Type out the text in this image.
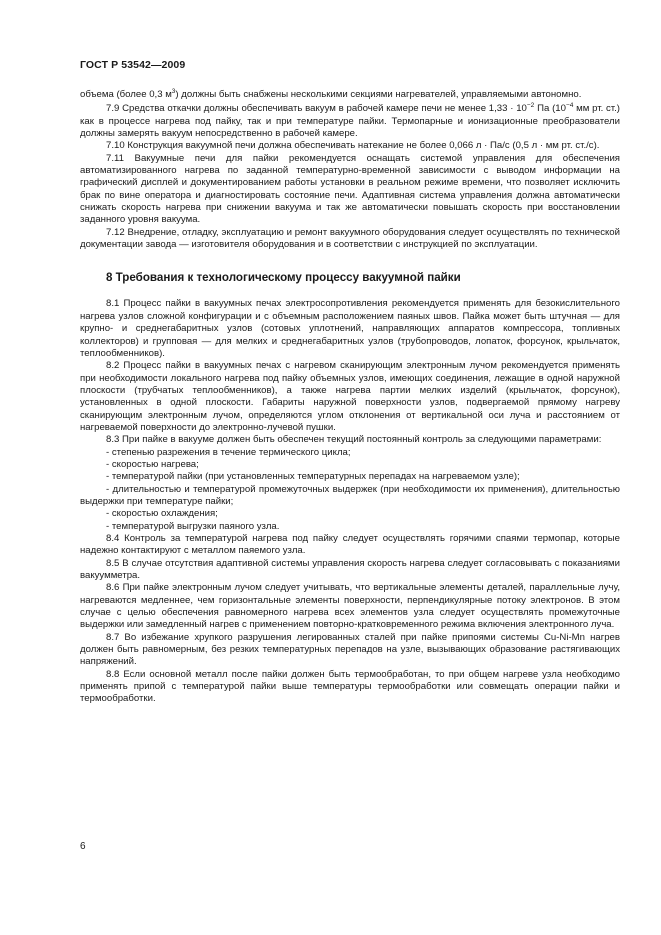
ГОСТ Р 53542—2009

объема (более 0,3 $м^3$) должны быть снабжены несколькими секциями нагревателей, управляемыми автономно.

7.9 Средства откачки должны обеспечивать вакуум в рабочей камере печи не менее $1,33 \cdot 10^{-2}$ Па ($10^{-4}$ мм рт. ст.) как в процессе нагрева под пайку, так и при температуре пайки. Термопарные и ионизационные преобразователи должны замерять вакуум непосредственно в рабочей камере.

7.10 Конструкция вакуумной печи должна обеспечивать натекание не более 0,066 л · Па/с (0,5 л · мм рт. ст./с).

7.11 Вакуумные печи для пайки рекомендуется оснащать системой управления для обеспечения автоматизированного нагрева по заданной температурно-временной зависимости с выводом информации на графический дисплей и документированием работы установки в реальном режиме времени, что позволяет исключить брак по вине оператора и диагностировать состояние печи. Адаптивная система управления должна автоматически снижать скорость нагрева при снижении вакуума и так же автоматически повышать скорость при восстановлении заданного уровня вакуума.

7.12 Внедрение, отладку, эксплуатацию и ремонт вакуумного оборудования следует осуществлять по технической документации завода — изготовителя оборудования и в соответствии с инструкцией по эксплуатации.

8 Требования к технологическому процессу вакуумной пайки

8.1 Процесс пайки в вакуумных печах электросопротивления рекомендуется применять для безокислительного нагрева узлов сложной конфигурации и с объемным расположением паяных швов. Пайка может быть штучная — для крупно- и среднегабаритных узлов (сотовых уплотнений, направляющих аппаратов компрессора, топливных коллекторов) и групповая — для мелких и среднегабаритных узлов (трубопроводов, лопаток, форсунок, крыльчаток, теплообменников).

8.2 Процесс пайки в вакуумных печах с нагревом сканирующим электронным лучом рекомендуется применять при необходимости локального нагрева под пайку объемных узлов, имеющих соединения, лежащие в одной наружной плоскости (трубчатых теплообменников), а также нагрева партии мелких изделий (крыльчаток, форсунок), установленных в одной плоскости. Габариты наружной поверхности узлов, подвергаемой прямому нагреву сканирующим электронным лучом, определяются углом отклонения от вертикальной оси луча и расстоянием от нагреваемой поверхности до электронно-лучевой пушки.

8.3 При пайке в вакууме должен быть обеспечен текущий постоянный контроль за следующими параметрами:

- степенью разрежения в течение термического цикла;

- скоростью нагрева;

- температурой пайки (при установленных температурных перепадах на нагреваемом узле);

- длительностью и температурой промежуточных выдержек (при необходимости их применения), длительностью выдержки при температуре пайки;

- скоростью охлаждения;

- температурой выгрузки паяного узла.

8.4 Контроль за температурой нагрева под пайку следует осуществлять горячими спаями термопар, которые надежно контактируют с металлом паяемого узла.

8.5 В случае отсутствия адаптивной системы управления скорость нагрева следует согласовывать с показаниями вакуумметра.

8.6 При пайке электронным лучом следует учитывать, что вертикальные элементы деталей, параллельные лучу, нагреваются медленнее, чем горизонтальные элементы поверхности, перпендикулярные потоку электронов. В этом случае с целью обеспечения равномерного нагрева всех элементов узла следует осуществлять промежуточные выдержки или замедленный нагрев с применением повторно-кратковременного режима включения электронного луча.

8.7 Во избежание хрупкого разрушения легированных сталей при пайке припоями системы Cu-Ni-Mn нагрев должен быть равномерным, без резких температурных перепадов на узле, вызывающих образование растягивающих напряжений.

8.8 Если основной металл после пайки должен быть термообработан, то при общем нагреве узла необходимо применять припой с температурой пайки выше температуры термообработки или совмещать операции пайки и термообработки.

6
